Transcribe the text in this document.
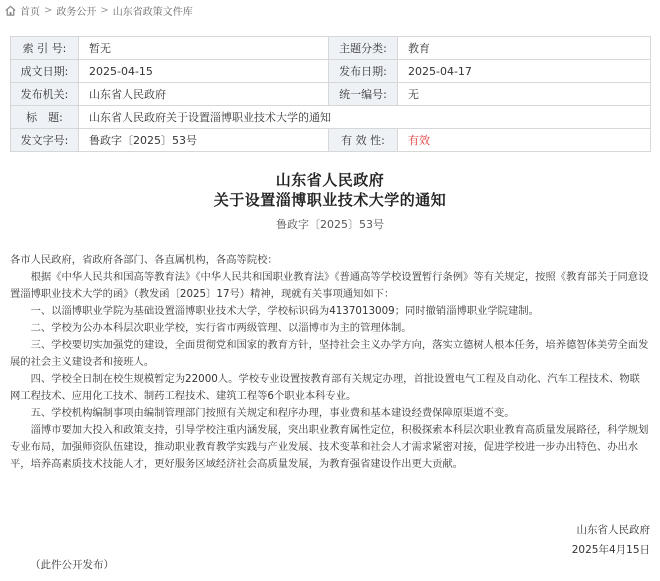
首页 > 政务公开 > 山东省政策文件库
索 引 号:	暂无	主题分类:	教育
成文日期:	2025-04-15	发布日期:	2025-04-17
发布机关:	山东省人民政府	统一编号:	无
标　题:	山东省人民政府关于设置淄博职业技术大学的通知		
发文字号:	鲁政字〔2025〕53号	有 效 性:	有效
山东省人民政府
关于设置淄博职业技术大学的通知
鲁政字〔2025〕53号

各市人民政府，省政府各部门、各直属机构，各高等院校：

根据《中华人民共和国高等教育法》《中华人民共和国职业教育法》《普通高等学校设置暂行条例》等有关规定，按照《教育部关于同意设置淄博职业技术大学的函》（教发函〔2025〕17号）精神，现就有关事项通知如下：

一、以淄博职业学院为基础设置淄博职业技术大学，学校标识码为4137013009；同时撤销淄博职业学院建制。

二、学校为公办本科层次职业学校，实行省市两级管理、以淄博市为主的管理体制。

三、学校要切实加强党的建设，全面贯彻党和国家的教育方针，坚持社会主义办学方向，落实立德树人根本任务，培养德智体美劳全面发展的社会主义建设者和接班人。

四、学校全日制在校生规模暂定为22000人。学校专业设置按教育部有关规定办理，首批设置电气工程及自动化、汽车工程技术、物联网工程技术、应用化工技术、制药工程技术、建筑工程等6个职业本科专业。

五、学校机构编制事项由编制管理部门按照有关规定和程序办理，事业费和基本建设经费保障原渠道不变。

淄博市要加大投入和政策支持，引导学校注重内涵发展，突出职业教育属性定位，积极探索本科层次职业教育高质量发展路径，科学规划专业布局，加强师资队伍建设，推动职业教育教学实践与产业发展、技术变革和社会人才需求紧密对接，促进学校进一步办出特色、办出水平，培养高素质技术技能人才，更好服务区域经济社会高质量发展，为教育强省建设作出更大贡献。

山东省人民政府
2025年4月15日
（此件公开发布）
